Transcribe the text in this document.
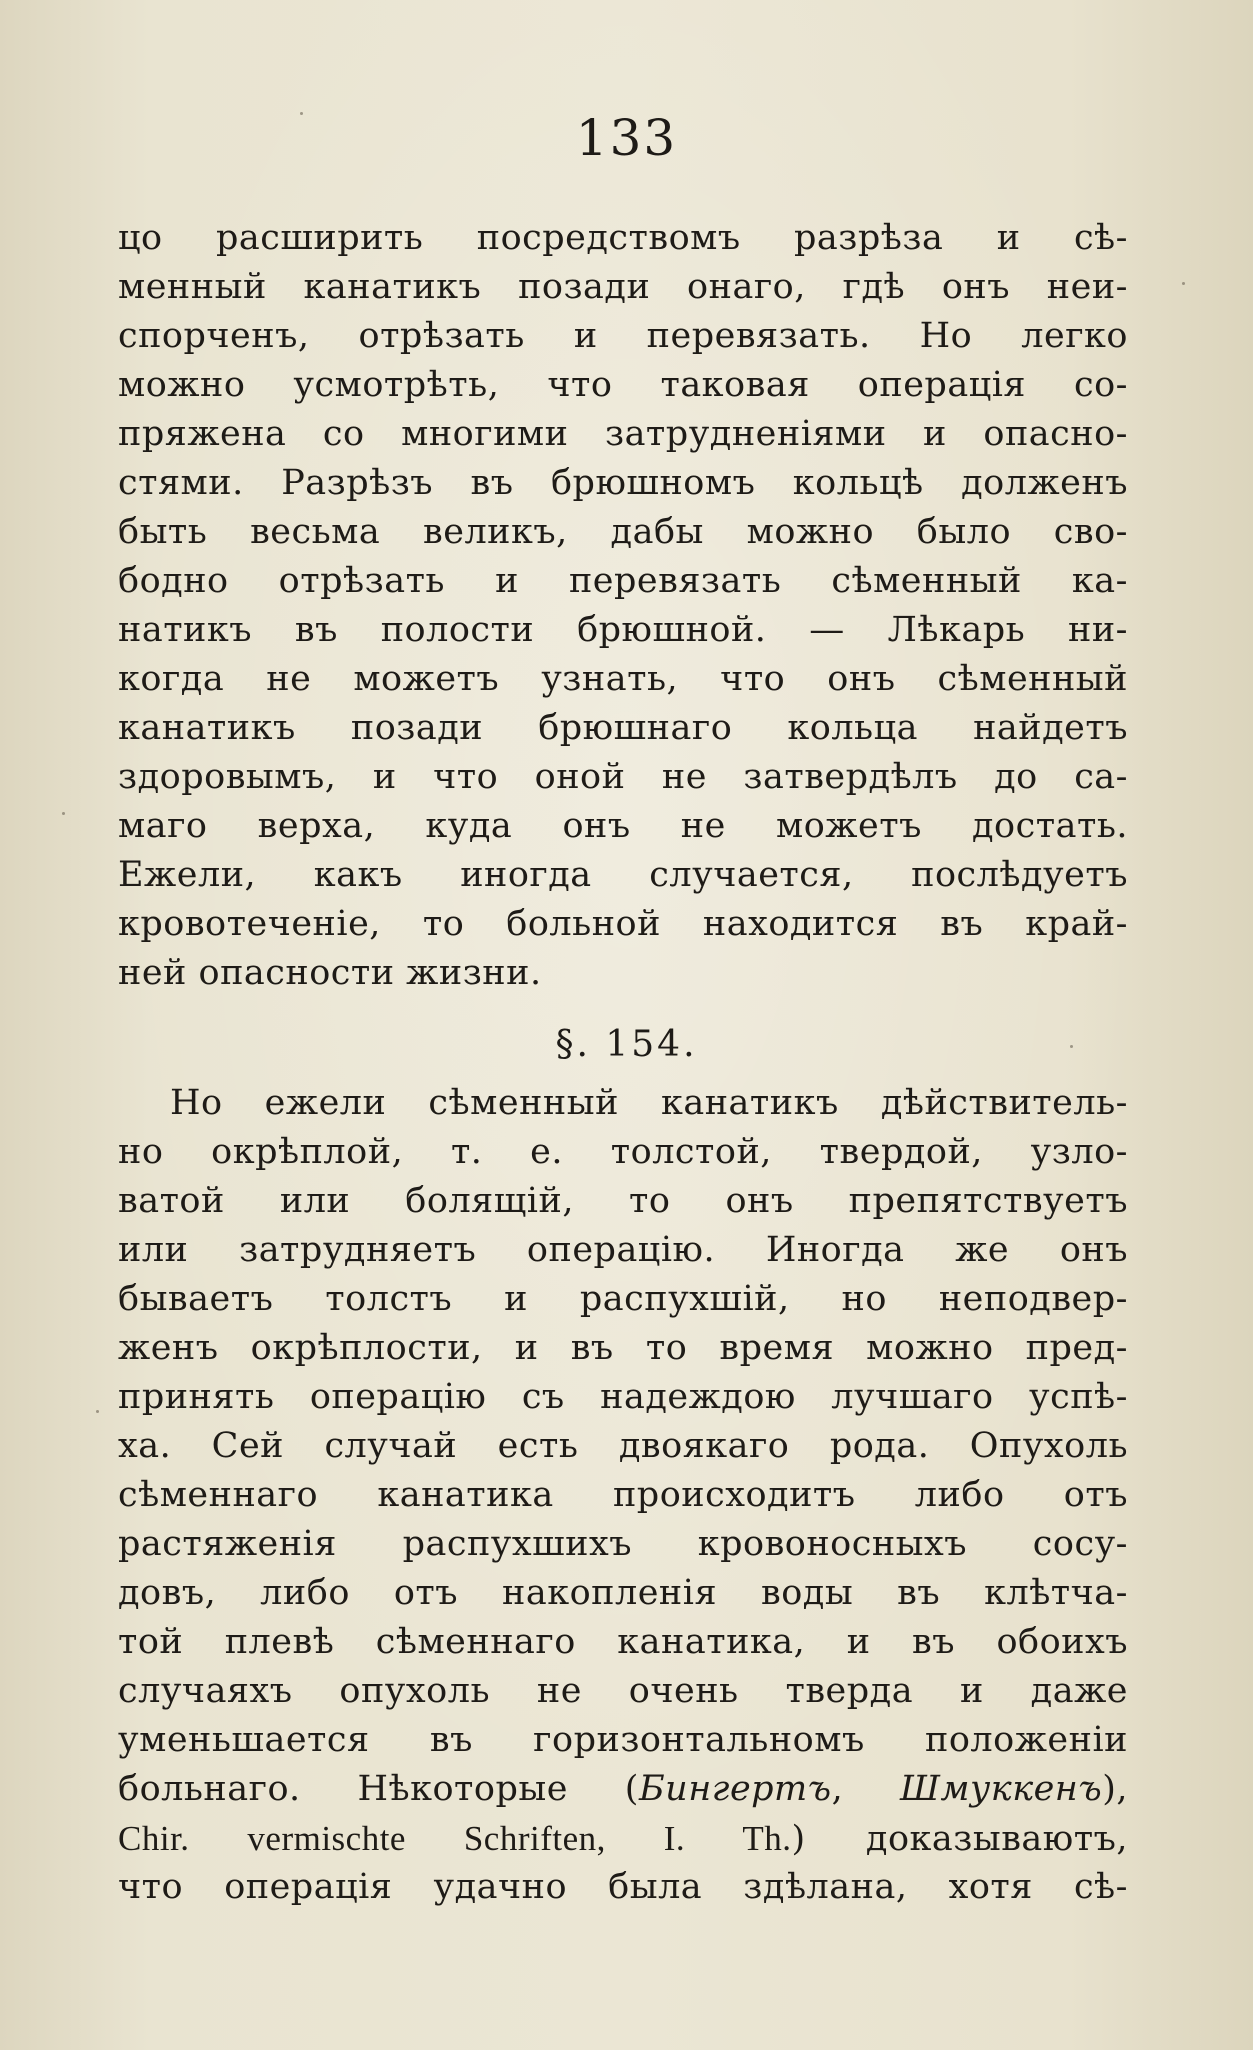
133
цо расширить посредствомъ разрѣза и сѣ-
менный канатикъ позади онаго, гдѣ онъ неи-
спорченъ, отрѣзать и перевязать. Но легко
можно усмотрѣть, что таковая операція со-
пряжена со многими затрудненіями и опасно-
стями. Разрѣзъ въ брюшномъ кольцѣ долженъ
быть весьма великъ, дабы можно было сво-
бодно отрѣзать и перевязать сѣменный ка-
натикъ въ полости брюшной. — Лѣкарь ни-
когда не можетъ узнать, что онъ сѣменный
канатикъ позади брюшнаго кольца найдетъ
здоровымъ, и что оной не затвердѣлъ до са-
маго верха, куда онъ не можетъ достать.
Ежели, какъ иногда случается, послѣдуетъ
кровотеченіе, то больной находится въ край-
ней опасности жизни.
§. 154.
Но ежели сѣменный канатикъ дѣйствитель-
но окрѣплой, т. е. толстой, твердой, узло-
ватой или болящій, то онъ препятствуетъ
или затрудняетъ операцію. Иногда же онъ
бываетъ толстъ и распухшій, но неподвер-
женъ окрѣплости, и въ то время можно пред-
принять операцію съ надеждою лучшаго успѣ-
ха. Сей случай есть двоякаго рода. Опухоль
сѣменнаго канатика происходитъ либо отъ
растяженія распухшихъ кровоносныхъ сосу-
довъ, либо отъ накопленія воды въ клѣтча-
той плевѣ сѣменнаго канатика, и въ обоихъ
случаяхъ опухоль не очень тверда и даже
уменьшается въ горизонтальномъ положеніи
больнаго. Нѣкоторые (Бингертъ, Шмуккенъ),
Chir. vermischte Schriften, I. Th.) доказываютъ,
что операція удачно была здѣлана, хотя сѣ-
